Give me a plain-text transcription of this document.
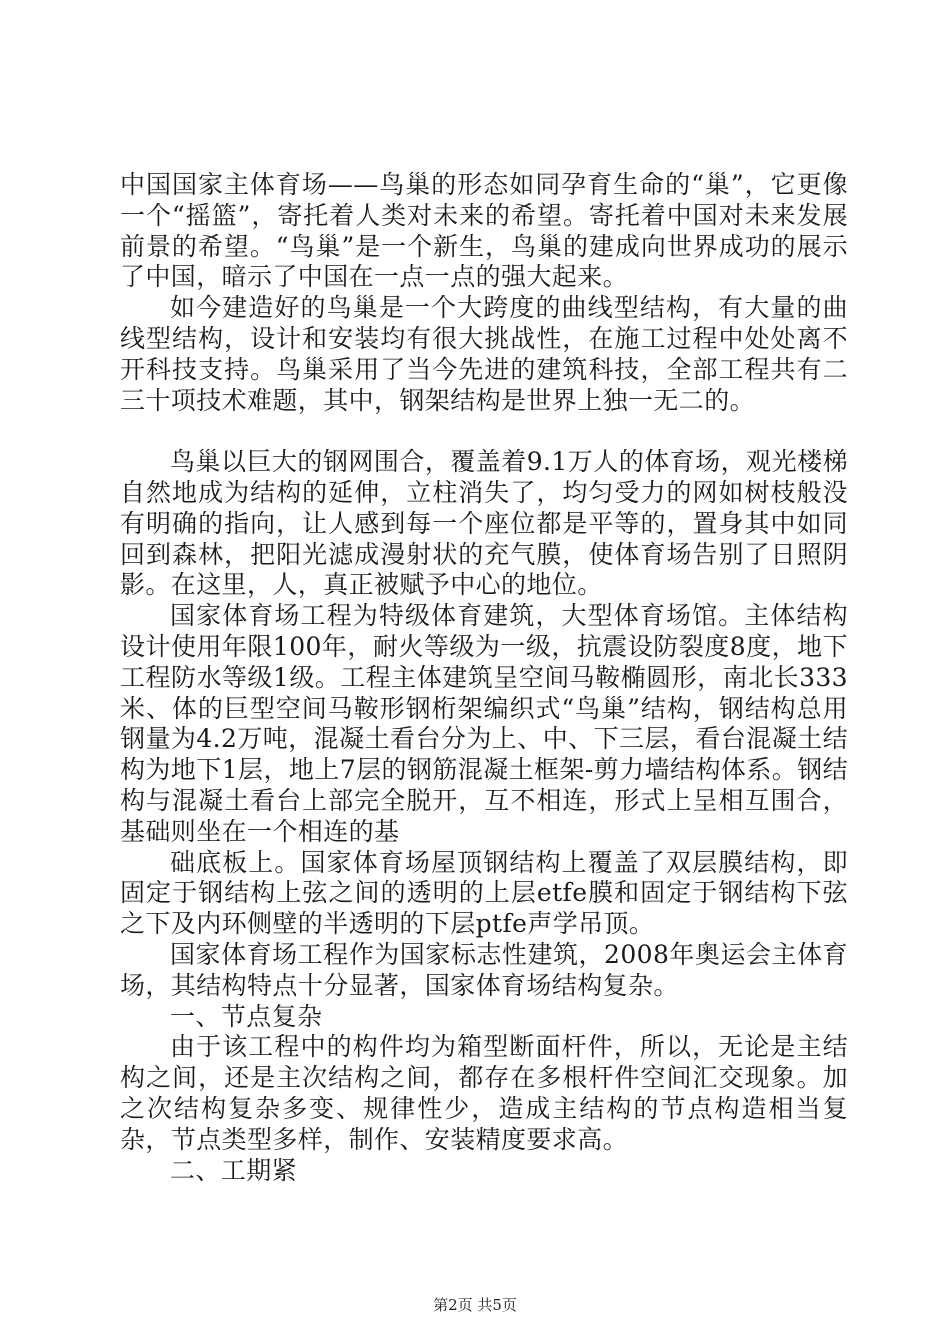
中国国家主体育场——鸟巢的形态如同孕育生命的“巢”，它更像一个“摇篮”，寄托着人类对未来的希望。寄托着中国对未来发展前景的希望。“鸟巢”是一个新生，鸟巢的建成向世界成功的展示了中国，暗示了中国在一点一点的强大起来。

如今建造好的鸟巢是一个大跨度的曲线型结构，有大量的曲线型结构，设计和安装均有很大挑战性，在施工过程中处处离不开科技支持。鸟巢采用了当今先进的建筑科技，全部工程共有二三十项技术难题，其中，钢架结构是世界上独一无二的。

鸟巢以巨大的钢网围合，覆盖着9.1万人的体育场，观光楼梯自然地成为结构的延伸，立柱消失了，均匀受力的网如树枝般没有明确的指向，让人感到每一个座位都是平等的，置身其中如同回到森林，把阳光滤成漫射状的充气膜，使体育场告别了日照阴影。在这里，人，真正被赋予中心的地位。

国家体育场工程为特级体育建筑，大型体育场馆。主体结构设计使用年限100年，耐火等级为一级，抗震设防裂度8度，地下工程防水等级1级。工程主体建筑呈空间马鞍椭圆形，南北长333米、体的巨型空间马鞍形钢桁架编织式“鸟巢”结构，钢结构总用钢量为4.2万吨，混凝土看台分为上、中、下三层，看台混凝土结构为地下1层，地上7层的钢筋混凝土框架-剪力墙结构体系。钢结构与混凝土看台上部完全脱开，互不相连，形式上呈相互围合，基础则坐在一个相连的基

础底板上。国家体育场屋顶钢结构上覆盖了双层膜结构，即固定于钢结构上弦之间的透明的上层etfe膜和固定于钢结构下弦之下及内环侧壁的半透明的下层ptfe声学吊顶。

国家体育场工程作为国家标志性建筑，2008年奥运会主体育场，其结构特点十分显著，国家体育场结构复杂。

一、节点复杂

由于该工程中的构件均为箱型断面杆件，所以，无论是主结构之间，还是主次结构之间，都存在多根杆件空间汇交现象。加之次结构复杂多变、规律性少，造成主结构的节点构造相当复杂，节点类型多样，制作、安装精度要求高。

二、工期紧

第2页 共5页
